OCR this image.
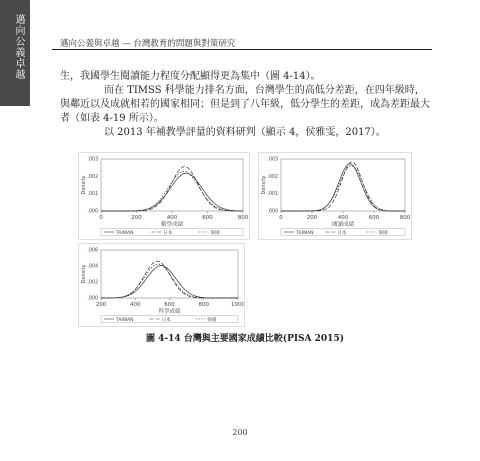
邁向公義卓越	邁向公義與卓越 — 台灣教育的問題與對策研究
生，我國學生閱讀能力程度分配顯得更為集中（圖 4-14）。
而在 TIMSS 科學能力排名方面，台灣學生的高低分差距，在四年級時，與鄰近以及成就相若的國家相同；但是到了八年級，低分學生的差距，成為差距最大者（如表 4-19 所示）。
以 2013 年補教學評量的資料研判（顯示 4，侯雅雯，2017）。
0	200	400	600	800
.000
.001
.002
.003
Density
數學成績
TAIWAN	日本	韓國
0	200	400	600	800
.000
.001
.002
.003
Density
閱讀成績
TAIWAN	日本	韓國
200	400	600	800	1000
.000
.002
.004
.006
Density
科學成績
TAIWAN	日本	韓國
圖 4-14 台灣與主要國家成績比較(PISA 2015)
200
